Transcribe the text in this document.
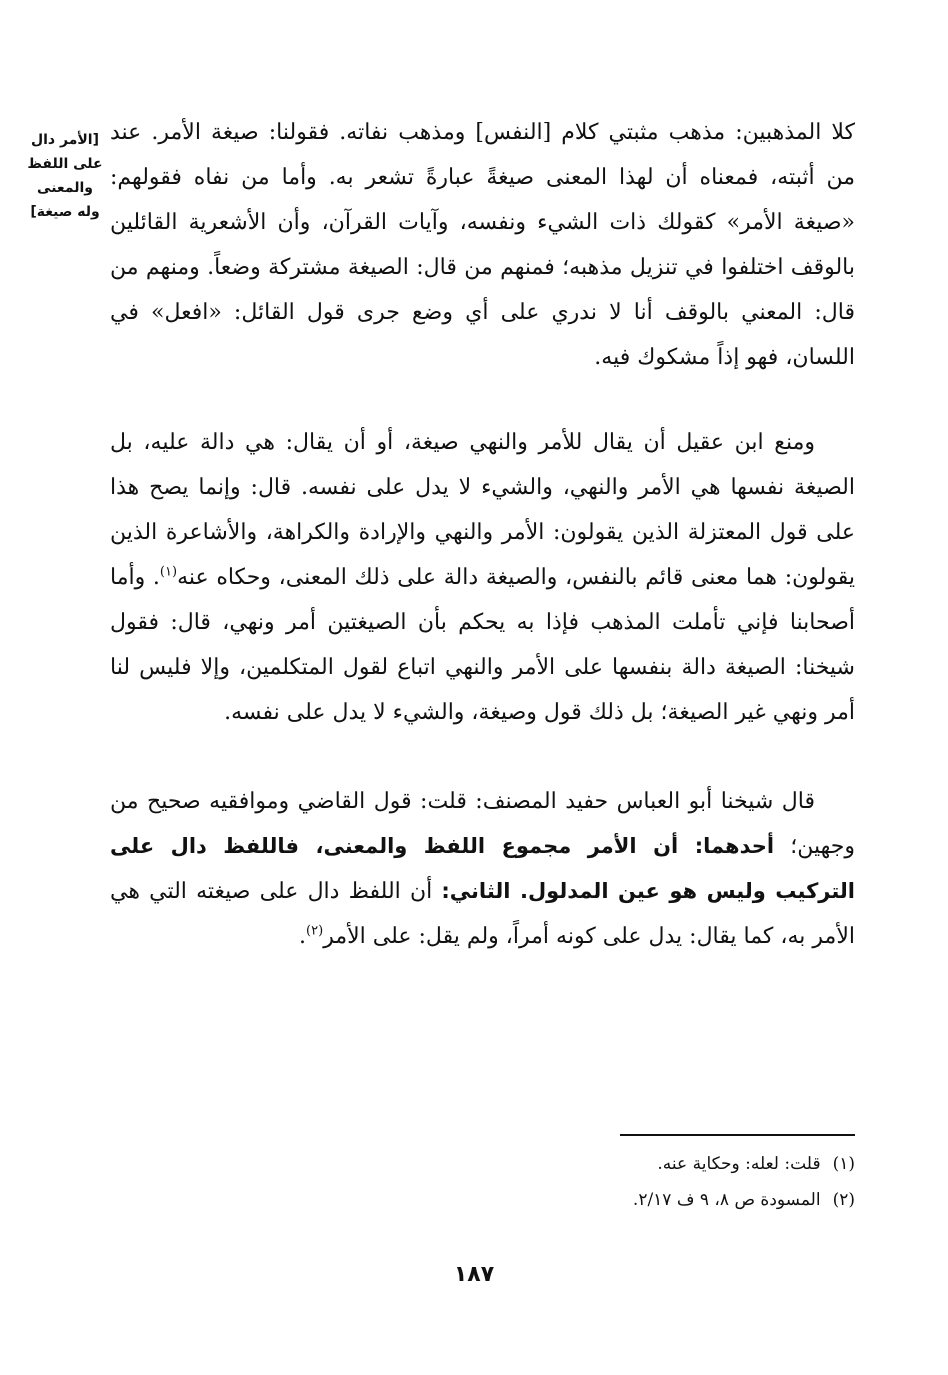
[الأمر دال
على اللفظ
والمعنى
وله صيغة]

كلا المذهبين: مذهب مثبتي كلام [النفس] ومذهب نفاته. فقولنا: صيغة الأمر. عند من أثبته، فمعناه أن لهذا المعنى صيغةً عبارةً تشعر به. وأما من نفاه فقولهم: «صيغة الأمر» كقولك ذات الشيء ونفسه، وآيات القرآن، وأن الأشعرية القائلين بالوقف اختلفوا في تنزيل مذهبه؛ فمنهم من قال: الصيغة مشتركة وضعاً. ومنهم من قال: المعني بالوقف أنا لا ندري على أي وضع جرى قول القائل: «افعل» في اللسان، فهو إذاً مشكوك فيه.

ومنع ابن عقيل أن يقال للأمر والنهي صيغة، أو أن يقال: هي دالة عليه، بل الصيغة نفسها هي الأمر والنهي، والشيء لا يدل على نفسه. قال: وإنما يصح هذا على قول المعتزلة الذين يقولون: الأمر والنهي والإرادة والكراهة، والأشاعرة الذين يقولون: هما معنى قائم بالنفس، والصيغة دالة على ذلك المعنى، وحكاه عنه$^{(١)}$. وأما أصحابنا فإني تأملت المذهب فإذا به يحكم بأن الصيغتين أمر ونهي، قال: فقول شيخنا: الصيغة دالة بنفسها على الأمر والنهي اتباع لقول المتكلمين، وإلا فليس لنا أمر ونهي غير الصيغة؛ بل ذلك قول وصيغة، والشيء لا يدل على نفسه.

قال شيخنا أبو العباس حفيد المصنف: قلت: قول القاضي وموافقيه صحيح من وجهين؛ أحدهما: أن الأمر مجموع اللفظ والمعنى، فاللفظ دال على التركيب وليس هو عين المدلول. الثاني: أن اللفظ دال على صيغته التي هي الأمر به، كما يقال: يدل على كونه أمراً، ولم يقل: على الأمر$^{(٢)}$.

(١)قلت: لعله: وحكاية عنه.
(٢)المسودة ص ٨، ٩ ف ٢/١٧.
١٨٧
